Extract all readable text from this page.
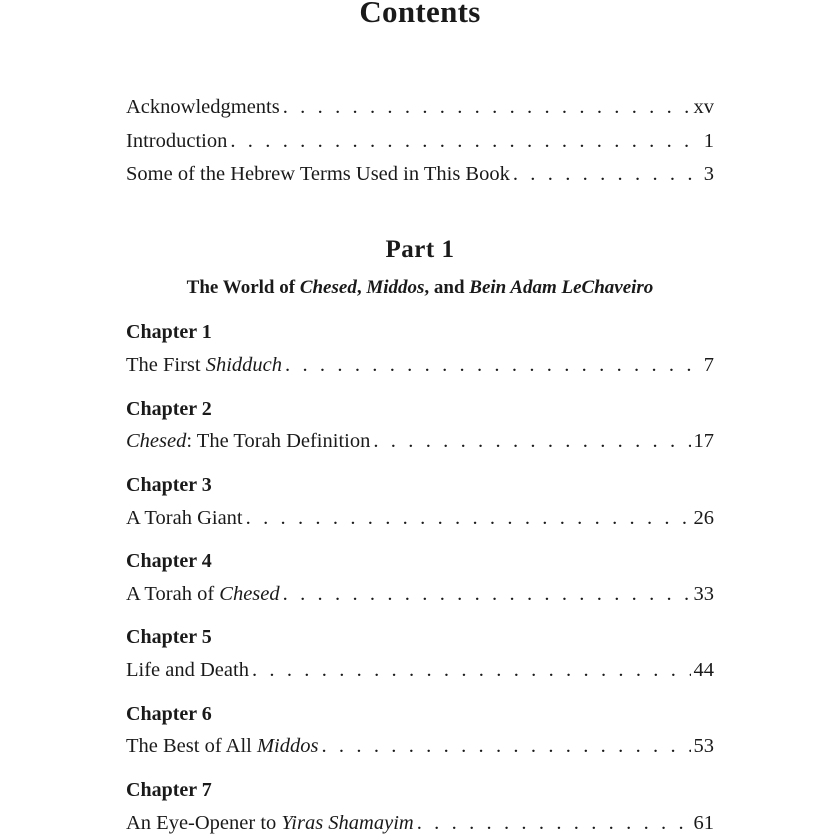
Contents
Acknowledgments . . .	xv
Introduction . . .	1
Some of the Hebrew Terms Used in This Book . . .	3
Part 1
The World of Chesed, Middos, and Bein Adam LeChaveiro
Chapter 1
The First Shidduch . . .	7
Chapter 2
Chesed: The Torah Definition . . .	17
Chapter 3
A Torah Giant . . .	26
Chapter 4
A Torah of Chesed . . .	33
Chapter 5
Life and Death . . .	44
Chapter 6
The Best of All Middos . . .	53
Chapter 7
An Eye-Opener to Yiras Shamayim . . .	61
